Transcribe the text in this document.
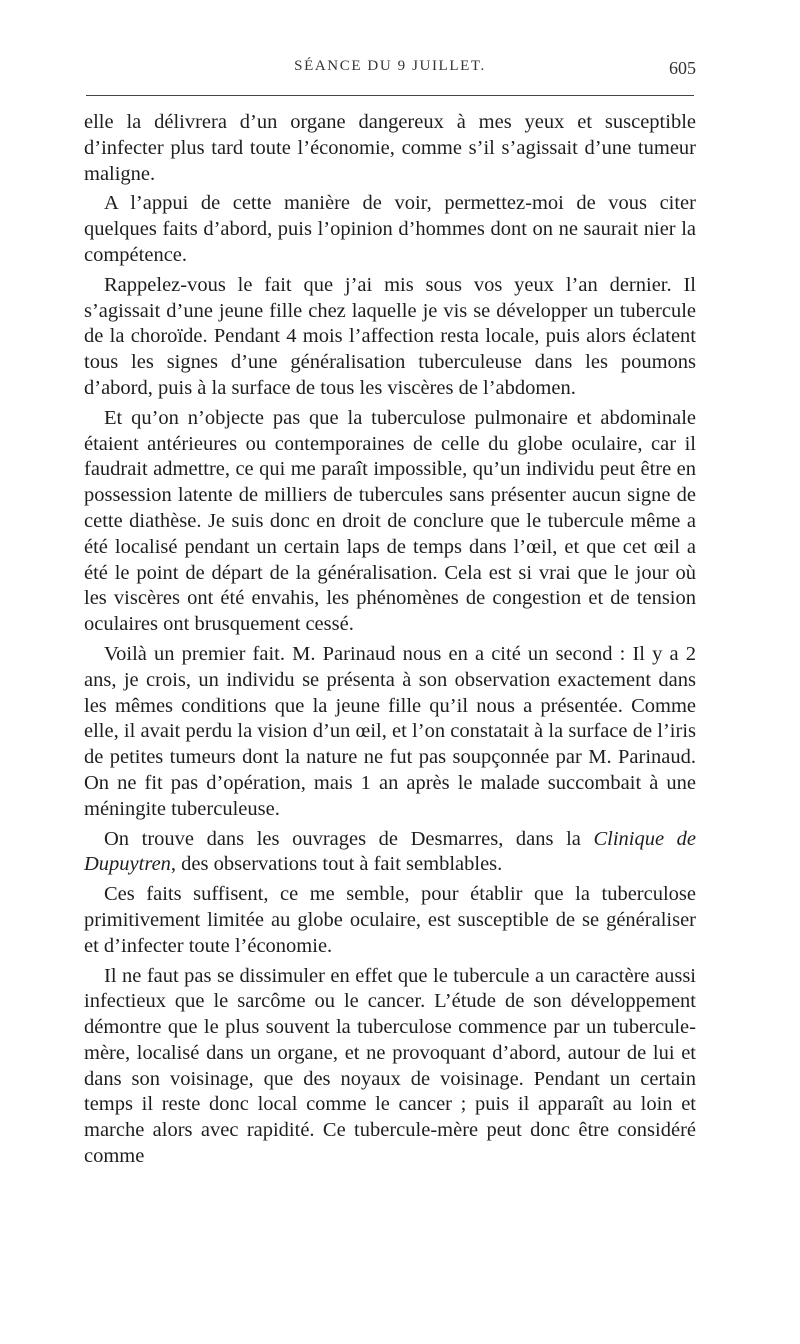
SÉANCE DU 9 JUILLET.	605

elle la délivrera d’un organe dangereux à mes yeux et susceptible d’infecter plus tard toute l’économie, comme s’il s’agissait d’une tumeur maligne.

A l’appui de cette manière de voir, permettez-moi de vous citer quelques faits d’abord, puis l’opinion d’hommes dont on ne saurait nier la compétence.

Rappelez-vous le fait que j’ai mis sous vos yeux l’an dernier. Il s’agissait d’une jeune fille chez laquelle je vis se développer un tubercule de la choroïde. Pendant 4 mois l’affection resta locale, puis alors éclatent tous les signes d’une généralisation tuberculeuse dans les poumons d’abord, puis à la surface de tous les viscères de l’abdomen.

Et qu’on n’objecte pas que la tuberculose pulmonaire et abdominale étaient antérieures ou contemporaines de celle du globe oculaire, car il faudrait admettre, ce qui me paraît impossible, qu’un individu peut être en possession latente de milliers de tubercules sans présenter aucun signe de cette diathèse. Je suis donc en droit de conclure que le tubercule même a été localisé pendant un certain laps de temps dans l’œil, et que cet œil a été le point de départ de la généralisation. Cela est si vrai que le jour où les viscères ont été envahis, les phénomènes de congestion et de tension oculaires ont brusquement cessé.

Voilà un premier fait. M. Parinaud nous en a cité un second : Il y a 2 ans, je crois, un individu se présenta à son observation exactement dans les mêmes conditions que la jeune fille qu’il nous a présentée. Comme elle, il avait perdu la vision d’un œil, et l’on constatait à la surface de l’iris de petites tumeurs dont la nature ne fut pas soupçonnée par M. Parinaud. On ne fit pas d’opération, mais 1 an après le malade succombait à une méningite tuberculeuse.

On trouve dans les ouvrages de Desmarres, dans la Clinique de Dupuytren, des observations tout à fait semblables.

Ces faits suffisent, ce me semble, pour établir que la tuberculose primitivement limitée au globe oculaire, est susceptible de se généraliser et d’infecter toute l’économie.

Il ne faut pas se dissimuler en effet que le tubercule a un caractère aussi infectieux que le sarcôme ou le cancer. L’étude de son développement démontre que le plus souvent la tuberculose commence par un tubercule-mère, localisé dans un organe, et ne provoquant d’abord, autour de lui et dans son voisinage, que des noyaux de voisinage. Pendant un certain temps il reste donc local comme le cancer ; puis il apparaît au loin et marche alors avec rapidité. Ce tubercule-mère peut donc être considéré comme
